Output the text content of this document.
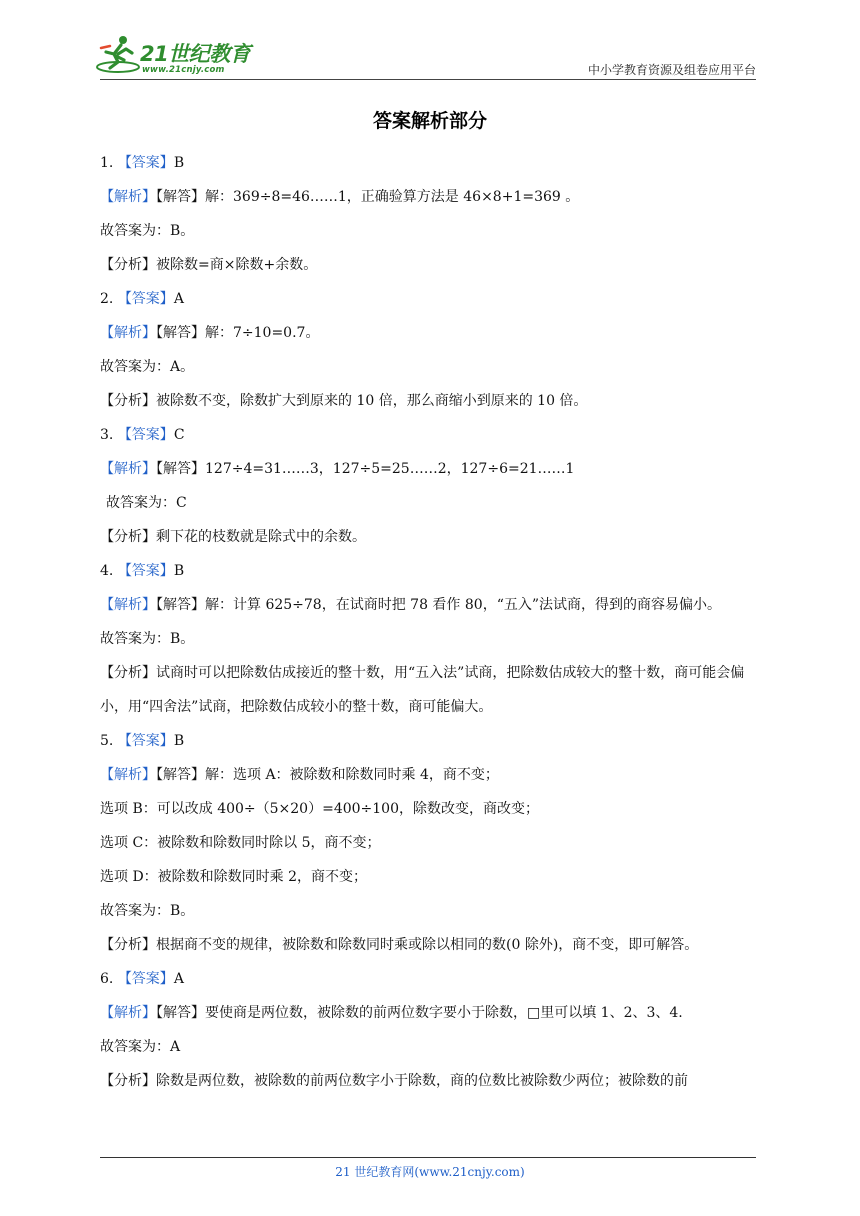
21世纪教育
www.21cnjy.com	中小学教育资源及组卷应用平台
答案解析部分
1. 【答案】B
【解析】【解答】解：369÷8=46……1，正确验算方法是 46×8+1=369 。
故答案为：B。
【分析】被除数=商×除数+余数。
2. 【答案】A
【解析】【解答】解：7÷10=0.7。
故答案为：A。
【分析】被除数不变，除数扩大到原来的 10 倍，那么商缩小到原来的 10 倍。
3. 【答案】C
【解析】【解答】127÷4=31……3，127÷5=25……2，127÷6=21……1
故答案为：C
【分析】剩下花的枝数就是除式中的余数。
4. 【答案】B
【解析】【解答】解：计算 625÷78，在试商时把 78 看作 80，“五入”法试商，得到的商容易偏小。
故答案为：B。
【分析】试商时可以把除数估成接近的整十数，用“五入法”试商，把除数估成较大的整十数，商可能会偏小，用“四舍法”试商，把除数估成较小的整十数，商可能偏大。
5. 【答案】B
【解析】【解答】解：选项 A：被除数和除数同时乘 4，商不变；
选项 B：可以改成 400÷（5×20）=400÷100，除数改变，商改变；
选项 C：被除数和除数同时除以 5，商不变；
选项 D：被除数和除数同时乘 2，商不变；
故答案为：B。
【分析】根据商不变的规律，被除数和除数同时乘或除以相同的数(0 除外)，商不变，即可解答。
6. 【答案】A
【解析】【解答】要使商是两位数，被除数的前两位数字要小于除数，□里可以填 1、2、3、4.
故答案为：A
【分析】除数是两位数，被除数的前两位数字小于除数，商的位数比被除数少两位；被除数的前
21 世纪教育网(www.21cnjy.com)
